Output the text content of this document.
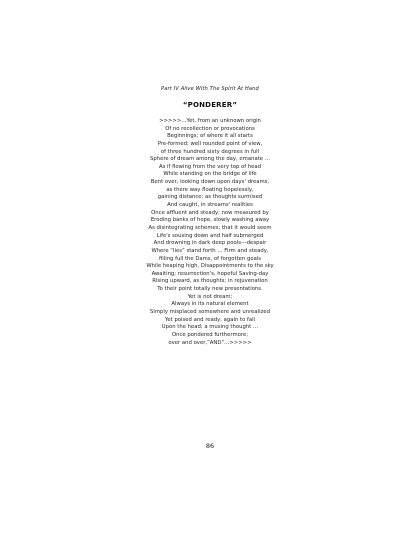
Part IV Alive With The Spirit At Hand
“PONDERER”
>>>>>…Yet, from an unknown origin
Of no recollection or provocations
Beginnings; of where it all starts
Pre-formed; well rounded point of view,
of three hundred sixty degrees in full
Sphere of dream among the day, emanate …
As if flowing from the very top of head
While standing on the bridge of life
Bent over, looking down upon days' dreams,
as there way floating hopelessly,
gaining distance; as thoughts surmised
And caught, in streams' realities
Once affluent and steady; now measured by
Eroding banks of hope, slowly washing away
As disintegrating schemes; that it would seem
Life's sousing down and half submerged
And drowning in dark deep pools---despair
Where “lies” stand forth … Firm and steady,
filling full the Dams, of forgotten goals
While heaping high, Disappointments to the sky
Awaiting; resurrection's, hopeful Saving-day
Rising upward, as thoughts; in rejuvenation
To their point totally new presentations.
Yet is not dream;
Always in its natural element
Simply misplaced somewhere and unrealized
Yet poised and ready, again to fall
Upon the head; a musing thought …
Once pondered furthermore;
over and over,”AND”…>>>>>
86
